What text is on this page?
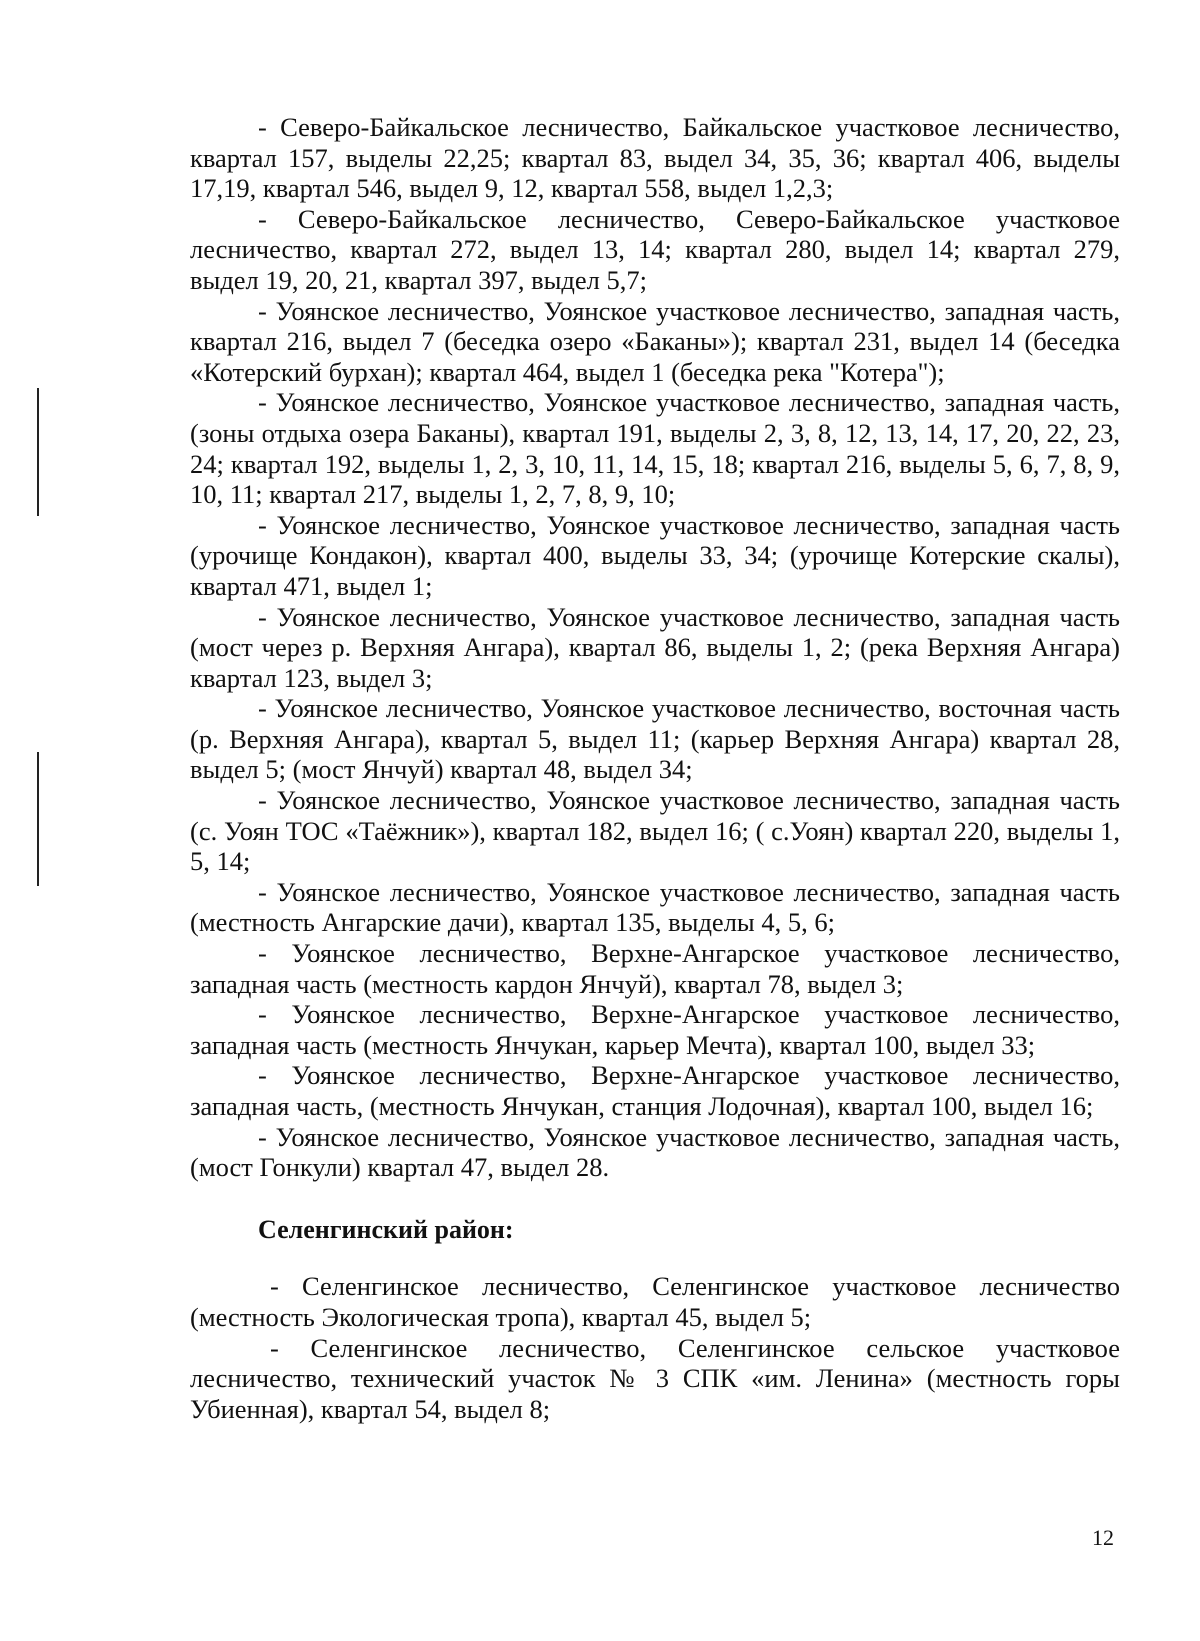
- Северо-Байкальское лесничество, Байкальское участковое лесничество, квартал 157, выделы 22,25; квартал 83, выдел 34, 35, 36; квартал 406, выделы 17,19, квартал 546, выдел 9, 12, квартал 558, выдел 1,2,3;

- Северо-Байкальское лесничество, Северо-Байкальское участковое лесничество, квартал 272, выдел 13, 14; квартал 280, выдел 14; квартал 279, выдел 19, 20, 21, квартал 397, выдел 5,7;

- Уоянское лесничество, Уоянское участковое лесничество, западная часть, квартал 216, выдел 7 (беседка озеро «Баканы»); квартал 231, выдел 14 (беседка «Котерский бурхан); квартал 464, выдел 1 (беседка река "Котера");

- Уоянское лесничество, Уоянское участковое лесничество, западная часть, (зоны отдыха озера Баканы), квартал 191, выделы 2, 3, 8, 12, 13, 14, 17, 20, 22, 23, 24; квартал 192, выделы 1, 2, 3, 10, 11, 14, 15, 18; квартал 216, выделы 5, 6, 7, 8, 9, 10, 11; квартал 217, выделы 1, 2, 7, 8, 9, 10;

- Уоянское лесничество, Уоянское участковое лесничество, западная часть (урочище Кондакон), квартал 400, выделы 33, 34; (урочище Котерские скалы), квартал 471, выдел 1;

- Уоянское лесничество, Уоянское участковое лесничество, западная часть (мост через р. Верхняя Ангара), квартал 86, выделы 1, 2; (река Верхняя Ангара) квартал 123, выдел 3;

- Уоянское лесничество, Уоянское участковое лесничество, восточная часть (р. Верхняя Ангара), квартал 5, выдел 11; (карьер Верхняя Ангара) квартал 28, выдел 5; (мост Янчуй) квартал 48, выдел 34;

- Уоянское лесничество, Уоянское участковое лесничество, западная часть (с. Уоян ТОС «Таёжник»), квартал 182, выдел 16; ( с.Уоян) квартал 220, выделы 1, 5, 14;

- Уоянское лесничество, Уоянское участковое лесничество, западная часть (местность Ангарские дачи), квартал 135, выделы 4, 5, 6;

- Уоянское лесничество, Верхне-Ангарское участковое лесничество, западная часть (местность кардон Янчуй), квартал 78, выдел 3;

- Уоянское лесничество, Верхне-Ангарское участковое лесничество, западная часть (местность Янчукан, карьер Мечта), квартал 100, выдел 33;

- Уоянское лесничество, Верхне-Ангарское участковое лесничество, западная часть, (местность Янчукан, станция Лодочная), квартал 100, выдел 16;

- Уоянское лесничество, Уоянское участковое лесничество, западная часть, (мост Гонкули) квартал 47, выдел 28.

Селенгинский район:

- Селенгинское лесничество, Селенгинское участковое лесничество (местность Экологическая тропа), квартал 45, выдел 5;

- Селенгинское лесничество, Селенгинское сельское участковое лесничество, технический участок № 3 СПК «им. Ленина» (местность горы Убиенная), квартал 54, выдел 8;

12
